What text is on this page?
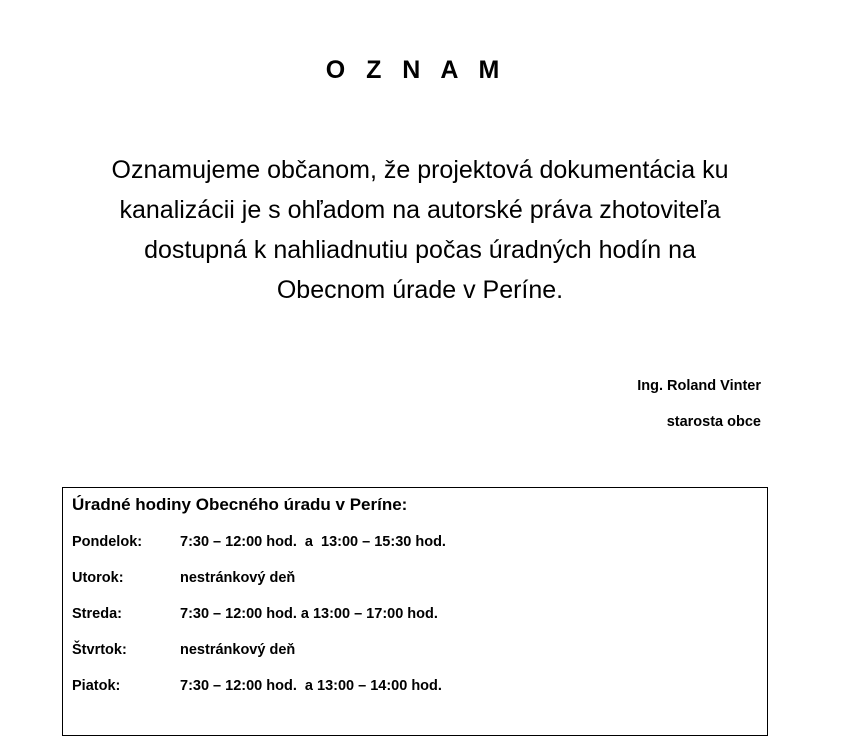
O Z N A M
Oznamujeme občanom, že projektová dokumentácia ku
kanalizácii je s ohľadom na autorské práva zhotoviteľa
dostupná k nahliadnutiu počas úradných hodín na
Obecnom úrade v Períne.
Ing. Roland Vinter
starosta obce
Úradné hodiny Obecného úradu v Períne:
Pondelok:	7:30 – 12:00 hod.  a  13:00 – 15:30 hod.
Utorok:	nestránkový deň
Streda:	7:30 – 12:00 hod. a 13:00 – 17:00 hod.
Štvrtok:	nestránkový deň
Piatok:	7:30 – 12:00 hod.  a 13:00 – 14:00 hod.
